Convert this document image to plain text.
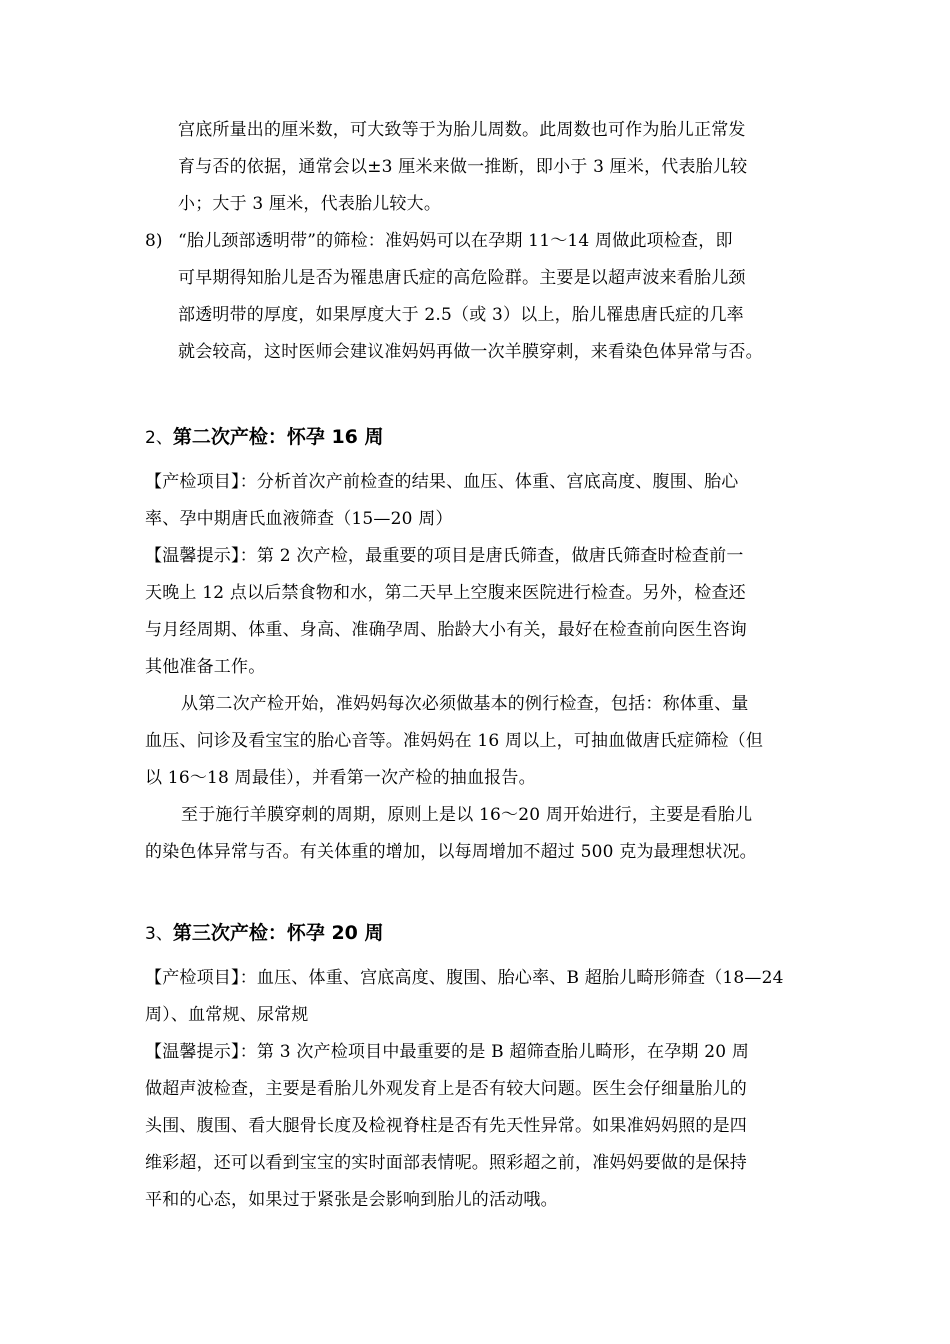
宫底所量出的厘米数，可大致等于为胎儿周数。此周数也可作为胎儿正常发
育与否的依据，通常会以±3 厘米来做一推断，即小于 3 厘米，代表胎儿较
小；大于 3 厘米，代表胎儿较大。
8) “胎儿颈部透明带”的筛检：准妈妈可以在孕期 11～14 周做此项检查，即
可早期得知胎儿是否为罹患唐氏症的高危险群。主要是以超声波来看胎儿颈
部透明带的厚度，如果厚度大于 2.5（或 3）以上，胎儿罹患唐氏症的几率
就会较高，这时医师会建议准妈妈再做一次羊膜穿刺，来看染色体异常与否。
2、第二次产检：怀孕 16 周
【产检项目】：分析首次产前检查的结果、血压、体重、宫底高度、腹围、胎心
率、孕中期唐氏血液筛查（15—20 周）
【温馨提示】：第 2 次产检，最重要的项目是唐氏筛查，做唐氏筛查时检查前一
天晚上 12 点以后禁食物和水，第二天早上空腹来医院进行检查。另外，检查还
与月经周期、体重、身高、准确孕周、胎龄大小有关，最好在检查前向医生咨询
其他准备工作。
从第二次产检开始，准妈妈每次必须做基本的例行检查，包括：称体重、量
血压、问诊及看宝宝的胎心音等。准妈妈在 16 周以上，可抽血做唐氏症筛检（但
以 16～18 周最佳），并看第一次产检的抽血报告。
至于施行羊膜穿刺的周期，原则上是以 16～20 周开始进行，主要是看胎儿
的染色体异常与否。有关体重的增加，以每周增加不超过 500 克为最理想状况。
3、第三次产检：怀孕 20 周
【产检项目】：血压、体重、宫底高度、腹围、胎心率、B 超胎儿畸形筛查（18—24
周）、血常规、尿常规
【温馨提示】：第 3 次产检项目中最重要的是 B 超筛查胎儿畸形，在孕期 20 周
做超声波检查，主要是看胎儿外观发育上是否有较大问题。医生会仔细量胎儿的
头围、腹围、看大腿骨长度及检视脊柱是否有先天性异常。如果准妈妈照的是四
维彩超，还可以看到宝宝的实时面部表情呢。照彩超之前，准妈妈要做的是保持
平和的心态，如果过于紧张是会影响到胎儿的活动哦。
